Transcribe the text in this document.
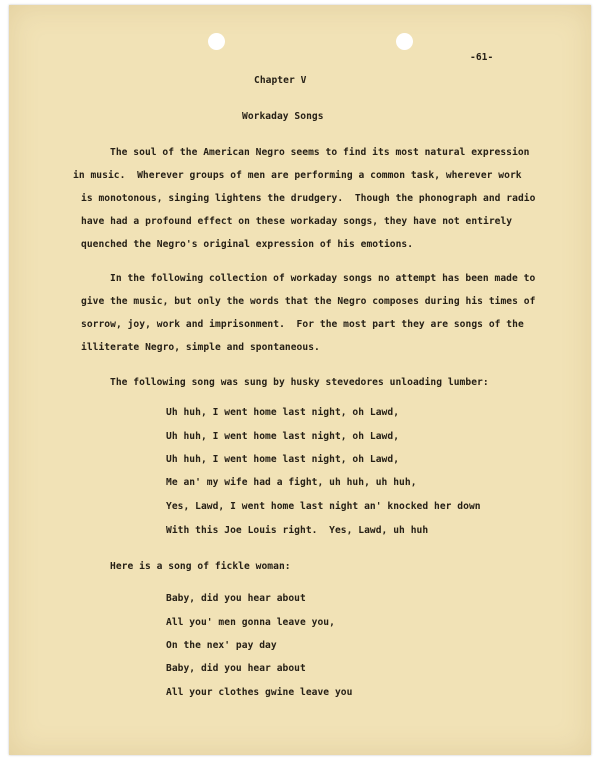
-61-
Chapter V
Workaday Songs
The soul of the American Negro seems to find its most natural expression
in music.  Wherever groups of men are performing a common task, wherever work
is monotonous, singing lightens the drudgery.  Though the phonograph and radio
have had a profound effect on these workaday songs, they have not entirely
quenched the Negro's original expression of his emotions.
In the following collection of workaday songs no attempt has been made to
give the music, but only the words that the Negro composes during his times of
sorrow, joy, work and imprisonment.  For the most part they are songs of the
illiterate Negro, simple and spontaneous.
The following song was sung by husky stevedores unloading lumber:
Uh huh, I went home last night, oh Lawd,
Uh huh, I went home last night, oh Lawd,
Uh huh, I went home last night, oh Lawd,
Me an' my wife had a fight, uh huh, uh huh,
Yes, Lawd, I went home last night an' knocked her down
With this Joe Louis right.  Yes, Lawd, uh huh
Here is a song of fickle woman:
Baby, did you hear about
All you' men gonna leave you,
On the nex' pay day
Baby, did you hear about
All your clothes gwine leave you
